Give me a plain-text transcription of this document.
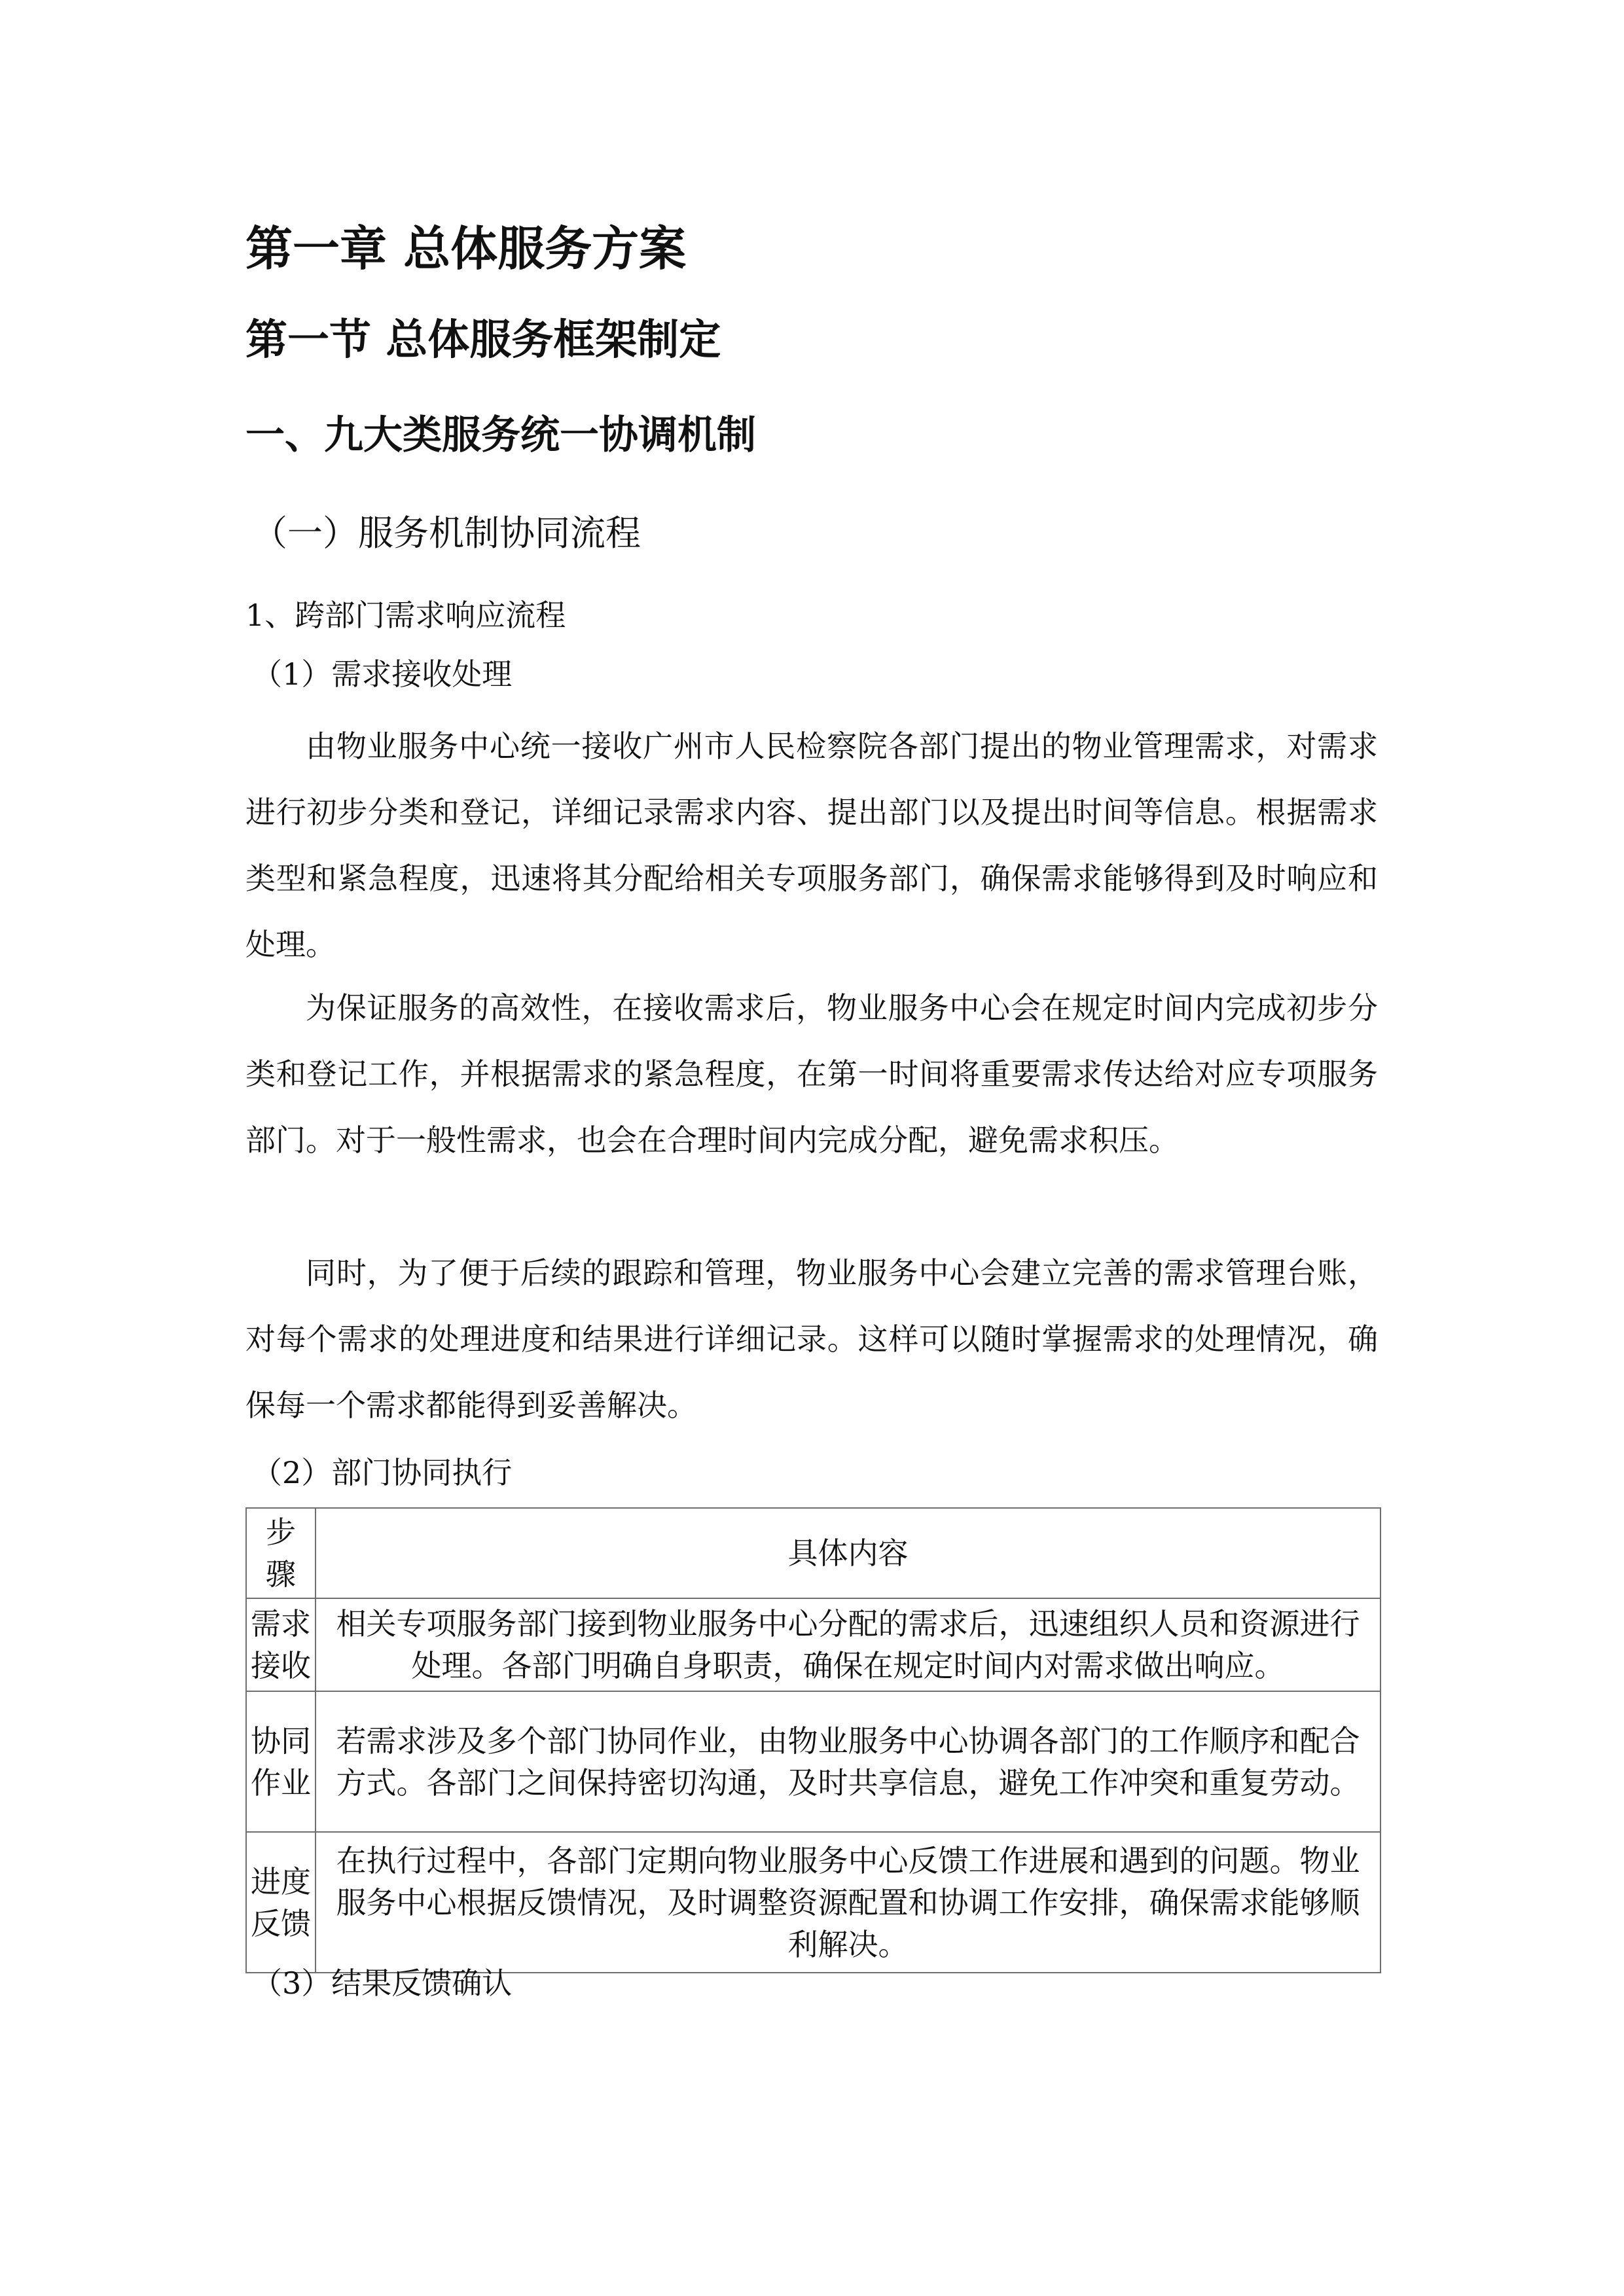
第一章 总体服务方案
第一节 总体服务框架制定
一、九大类服务统一协调机制
（一）服务机制协同流程
1、跨部门需求响应流程
（1）需求接收处理
由物业服务中心统一接收广州市人民检察院各部门提出的物业管理需求，对需求进行初步分类和登记，详细记录需求内容、提出部门以及提出时间等信息。根据需求类型和紧急程度，迅速将其分配给相关专项服务部门，确保需求能够得到及时响应和处理。
为保证服务的高效性，在接收需求后，物业服务中心会在规定时间内完成初步分类和登记工作，并根据需求的紧急程度，在第一时间将重要需求传达给对应专项服务部门。对于一般性需求，也会在合理时间内完成分配，避免需求积压。
同时，为了便于后续的跟踪和管理，物业服务中心会建立完善的需求管理台账，对每个需求的处理进度和结果进行详细记录。这样可以随时掌握需求的处理情况，确保每一个需求都能得到妥善解决。
（2）部门协同执行
步骤	具体内容
需求接收	相关专项服务部门接到物业服务中心分配的需求后，迅速组织人员和资源进行处理。各部门明确自身职责，确保在规定时间内对需求做出响应。
协同作业	若需求涉及多个部门协同作业，由物业服务中心协调各部门的工作顺序和配合方式。各部门之间保持密切沟通，及时共享信息，避免工作冲突和重复劳动。
进度反馈	在执行过程中，各部门定期向物业服务中心反馈工作进展和遇到的问题。物业服务中心根据反馈情况，及时调整资源配置和协调工作安排，确保需求能够顺利解决。
（3）结果反馈确认
